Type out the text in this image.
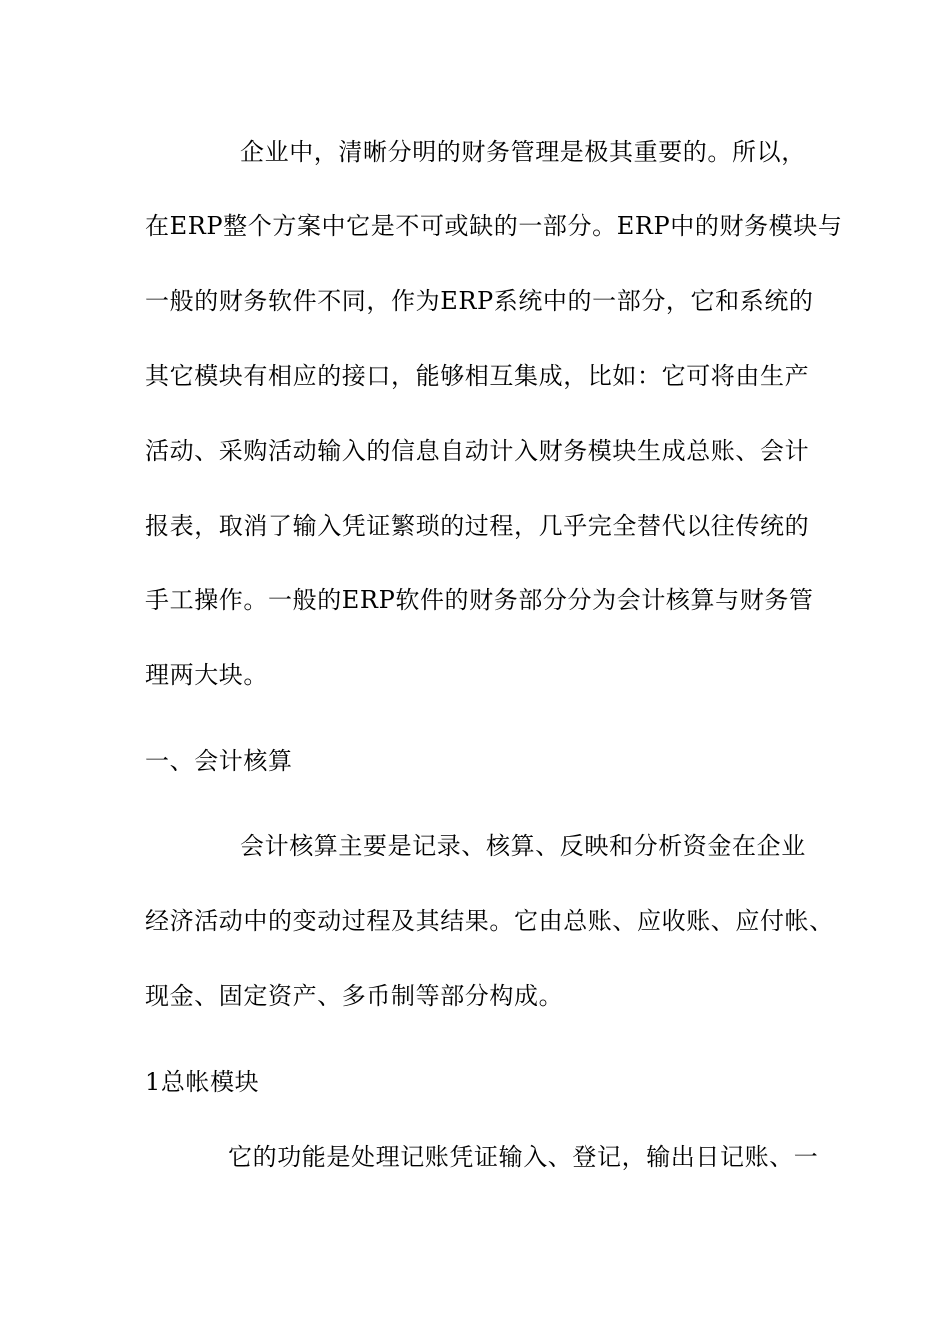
企业中，清晰分明的财务管理是极其重要的。所以，
在ERP整个方案中它是不可或缺的一部分。ERP中的财务模块与
一般的财务软件不同，作为ERP系统中的一部分，它和系统的
其它模块有相应的接口，能够相互集成，比如：它可将由生产
活动、采购活动输入的信息自动计入财务模块生成总账、会计
报表，取消了输入凭证繁琐的过程，几乎完全替代以往传统的
手工操作。一般的ERP软件的财务部分分为会计核算与财务管
理两大块。
一、会计核算
会计核算主要是记录、核算、反映和分析资金在企业
经济活动中的变动过程及其结果。它由总账、应收账、应付帐、
现金、固定资产、多币制等部分构成。
1总帐模块
它的功能是处理记账凭证输入、登记，输出日记账、一
